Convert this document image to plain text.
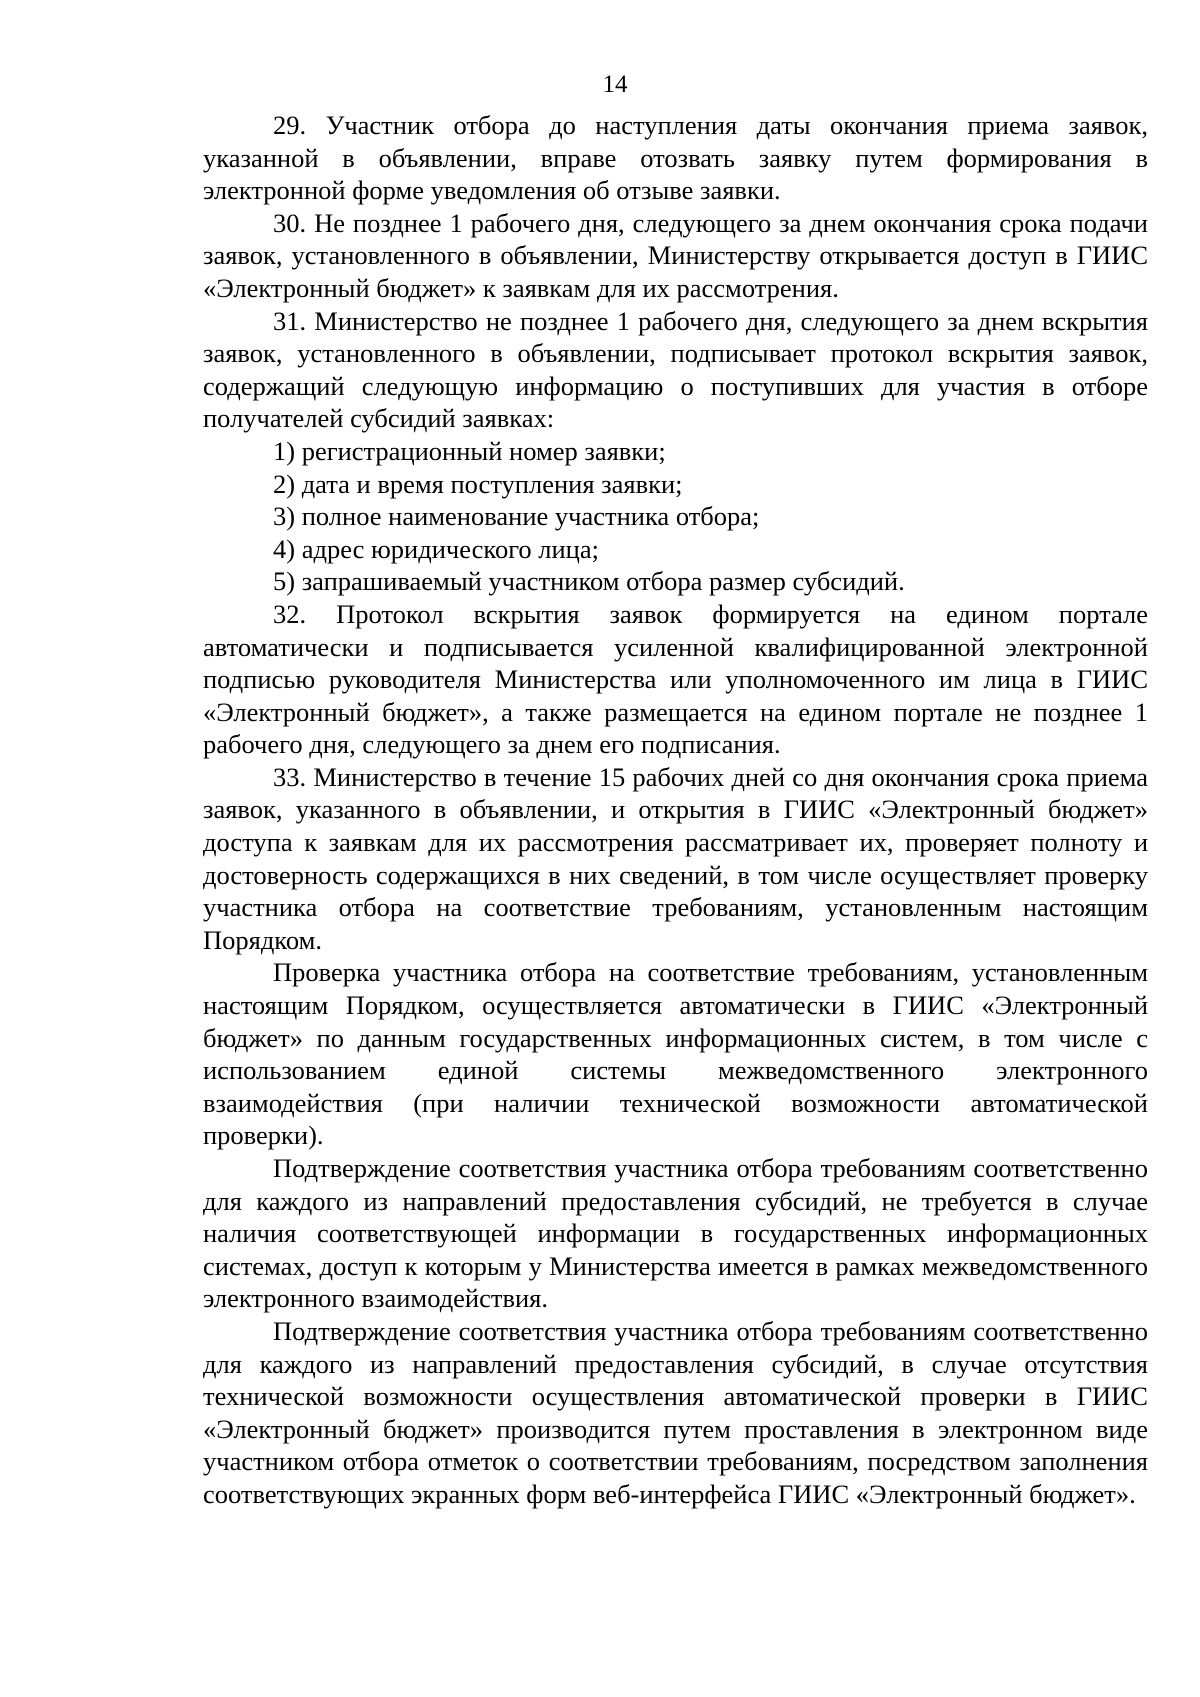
14

29. Участник отбора до наступления даты окончания приема заявок, указанной в объявлении, вправе отозвать заявку путем формирования в электронной форме уведомления об отзыве заявки.

30. Не позднее 1 рабочего дня, следующего за днем окончания срока подачи заявок, установленного в объявлении, Министерству открывается доступ в ГИИС «Электронный бюджет» к заявкам для их рассмотрения.

31. Министерство не позднее 1 рабочего дня, следующего за днем вскрытия заявок, установленного в объявлении, подписывает протокол вскрытия заявок, содержащий следующую информацию о поступивших для участия в отборе получателей субсидий заявках:

1) регистрационный номер заявки;

2) дата и время поступления заявки;

3) полное наименование участника отбора;

4) адрес юридического лица;

5) запрашиваемый участником отбора размер субсидий.

32. Протокол вскрытия заявок формируется на едином портале автоматически и подписывается усиленной квалифицированной электронной подписью руководителя Министерства или уполномоченного им лица в ГИИС «Электронный бюджет», а также размещается на едином портале не позднее 1 рабочего дня, следующего за днем его подписания.

33. Министерство в течение 15 рабочих дней со дня окончания срока приема заявок, указанного в объявлении, и открытия в ГИИС «Электронный бюджет» доступа к заявкам для их рассмотрения рассматривает их, проверяет полноту и достоверность содержащихся в них сведений, в том числе осуществляет проверку участника отбора на соответствие требованиям, установленным настоящим Порядком.

Проверка участника отбора на соответствие требованиям, установленным настоящим Порядком, осуществляется автоматически в ГИИС «Электронный бюджет» по данным государственных информационных систем, в том числе с использованием единой системы межведомственного электронного взаимодействия (при наличии технической возможности автоматической проверки).

Подтверждение соответствия участника отбора требованиям соответственно для каждого из направлений предоставления субсидий, не требуется в случае наличия соответствующей информации в государственных информационных системах, доступ к которым у Министерства имеется в рамках межведомственного электронного взаимодействия.

Подтверждение соответствия участника отбора требованиям соответственно для каждого из направлений предоставления субсидий, в случае отсутствия технической возможности осуществления автоматической проверки в ГИИС «Электронный бюджет» производится путем проставления в электронном виде участником отбора отметок о соответствии требованиям, посредством заполнения соответствующих экранных форм веб-интерфейса ГИИС «Электронный бюджет».
